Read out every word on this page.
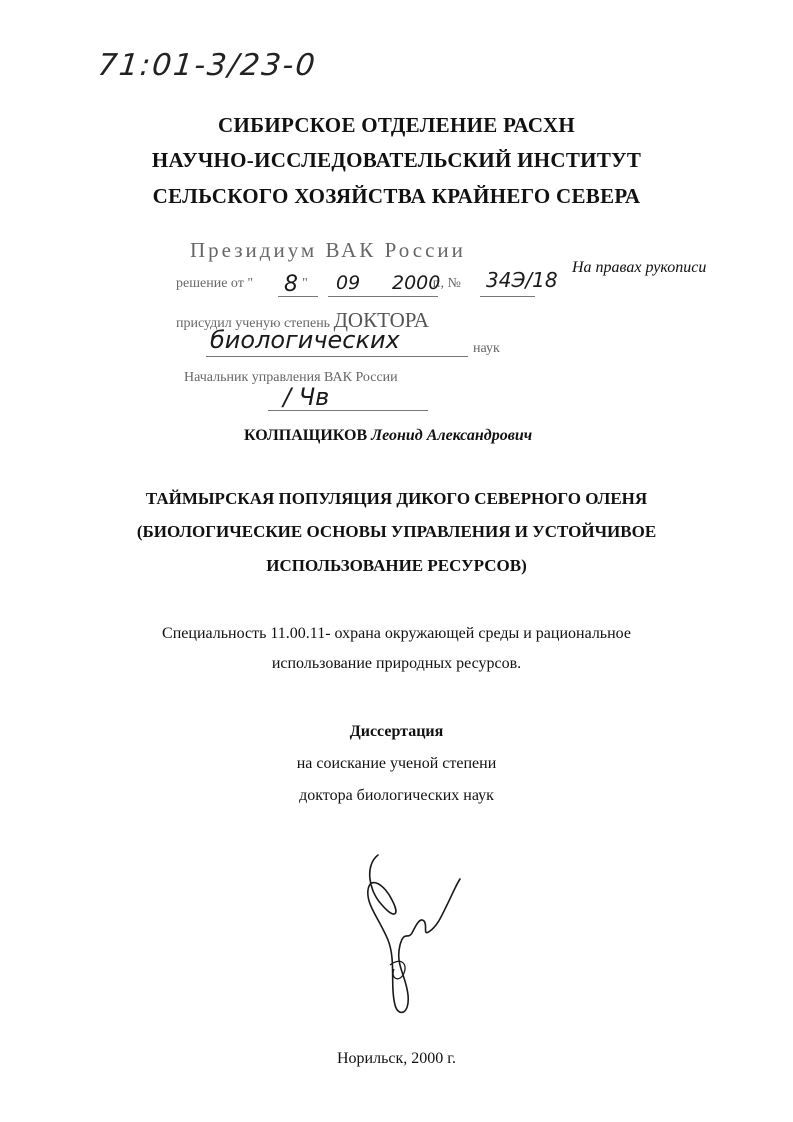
71:01-3/23-0
СИБИРСКОЕ ОТДЕЛЕНИЕ РАСХН
НАУЧНО-ИССЛЕДОВАТЕЛЬСКИЙ ИНСТИТУТ
СЕЛЬСКОГО ХОЗЯЙСТВА КРАЙНЕГО СЕВЕРА
На правах рукописи
Президиум ВАК России
решение от "	"	г., №
8 09 2000 34Э/18
присудил ученую степень ДОКТОРА
биологических	наук
Начальник управления ВАК России
/ Чв
КОЛПАЩИКОВ Леонид Александрович
ТАЙМЫРСКАЯ ПОПУЛЯЦИЯ ДИКОГО СЕВЕРНОГО ОЛЕНЯ
(БИОЛОГИЧЕСКИЕ ОСНОВЫ УПРАВЛЕНИЯ И УСТОЙЧИВОЕ
ИСПОЛЬЗОВАНИЕ РЕСУРСОВ)
Специальность 11.00.11- охрана окружающей среды и рациональное
использование природных ресурсов.
Диссертация
на соискание ученой степени
доктора биологических наук
Норильск, 2000 г.
